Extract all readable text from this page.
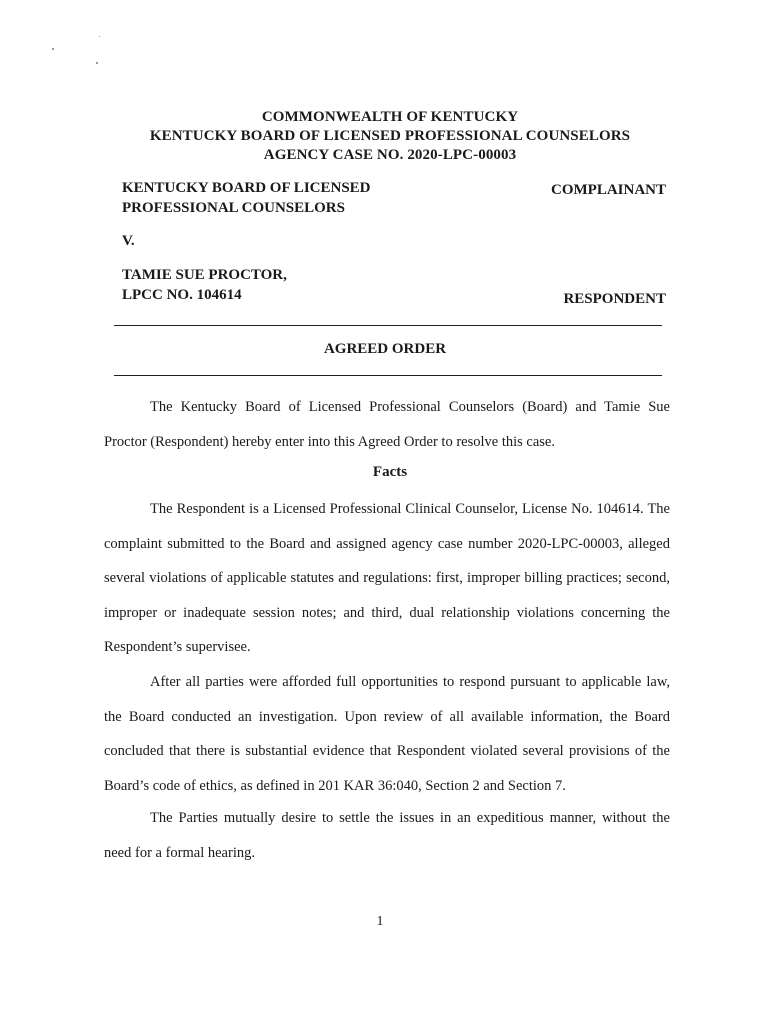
COMMONWEALTH OF KENTUCKY
KENTUCKY BOARD OF LICENSED PROFESSIONAL COUNSELORS
AGENCY CASE NO. 2020-LPC-00003
KENTUCKY BOARD OF LICENSED
PROFESSIONAL COUNSELORS
COMPLAINANT
V.
TAMIE SUE PROCTOR,
LPCC NO. 104614	RESPONDENT
AGREED ORDER
The Kentucky Board of Licensed Professional Counselors (Board) and Tamie Sue Proctor (Respondent) hereby enter into this Agreed Order to resolve this case.
Facts
The Respondent is a Licensed Professional Clinical Counselor, License No. 104614. The complaint submitted to the Board and assigned agency case number 2020-LPC-00003, alleged several violations of applicable statutes and regulations: first, improper billing practices; second, improper or inadequate session notes; and third, dual relationship violations concerning the Respondent’s supervisee.
After all parties were afforded full opportunities to respond pursuant to applicable law, the Board conducted an investigation. Upon review of all available information, the Board concluded that there is substantial evidence that Respondent violated several provisions of the Board’s code of ethics, as defined in 201 KAR 36:040, Section 2 and Section 7.
The Parties mutually desire to settle the issues in an expeditious manner, without the need for a formal hearing.
1
